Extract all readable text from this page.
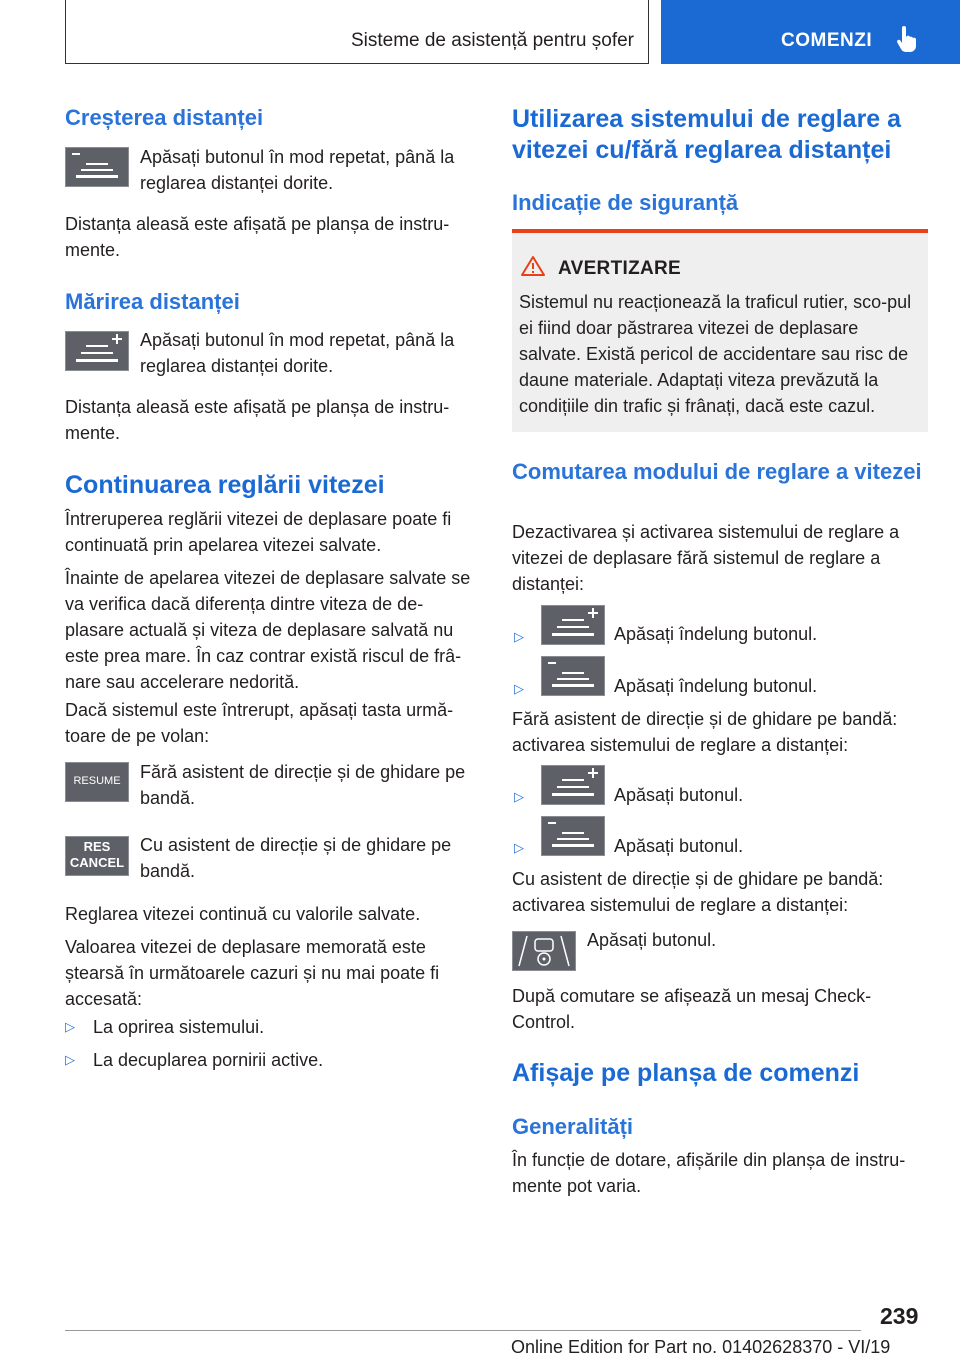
Sisteme de asistență pentru șofer	COMENZI
Creșterea distanței

Apăsați butonul în mod repetat, până la reglarea distanței dorite.

Distanța aleasă este afișată pe planșa de instru-mente.

Mărirea distanței

Apăsați butonul în mod repetat, până la reglarea distanței dorite.

Distanța aleasă este afișată pe planșa de instru-mente.

Continuarea reglării vitezei

Întreruperea reglării vitezei de deplasare poate fi continuată prin apelarea vitezei salvate.

Înainte de apelarea vitezei de deplasare salvate se va verifica dacă diferența dintre viteza de de-plasare actuală și viteza de deplasare salvată nu este prea mare. În caz contrar există riscul de frâ-nare sau accelerare nedorită.

Dacă sistemul este întrerupt, apăsați tasta urmă-toare de pe volan:

RESUME	Fără asistent de direcție și de ghidare pe bandă.

RES
CANCEL

Cu asistent de direcție și de ghidare pe bandă.

Reglarea vitezei continuă cu valorile salvate.

Valoarea vitezei de deplasare memorată este ștearsă în următoarele cazuri și nu mai poate fi accesată:

▷ La oprirea sistemului.
▷ La decuplarea pornirii active.
Utilizarea sistemului de reglare a vitezei cu/fără reglarea distanței
Indicație de siguranță
AVERTIZARE

Sistemul nu reacționează la traficul rutier, sco-pul ei fiind doar păstrarea vitezei de deplasare salvate. Există pericol de accidentare sau risc de daune materiale. Adaptați viteza prevăzută la condițiile din trafic și frânați, dacă este cazul.

Comutarea modului de reglare a vitezei

Dezactivarea și activarea sistemului de reglare a vitezei de deplasare fără sistemul de reglare a distanței:

▷	Apăsați îndelung butonul.
▷	Apăsați îndelung butonul.

Fără asistent de direcție și de ghidare pe bandă: activarea sistemului de reglare a distanței:

▷	Apăsați butonul.
▷	Apăsați butonul.

Cu asistent de direcție și de ghidare pe bandă: activarea sistemului de reglare a distanței:

Apăsați butonul.

După comutare se afișează un mesaj Check-Control.

Afișaje pe planșa de comenzi
Generalități

În funcție de dotare, afișările din planșa de instru-mente pot varia.

239
Online Edition for Part no. 01402628370 - VI/19
